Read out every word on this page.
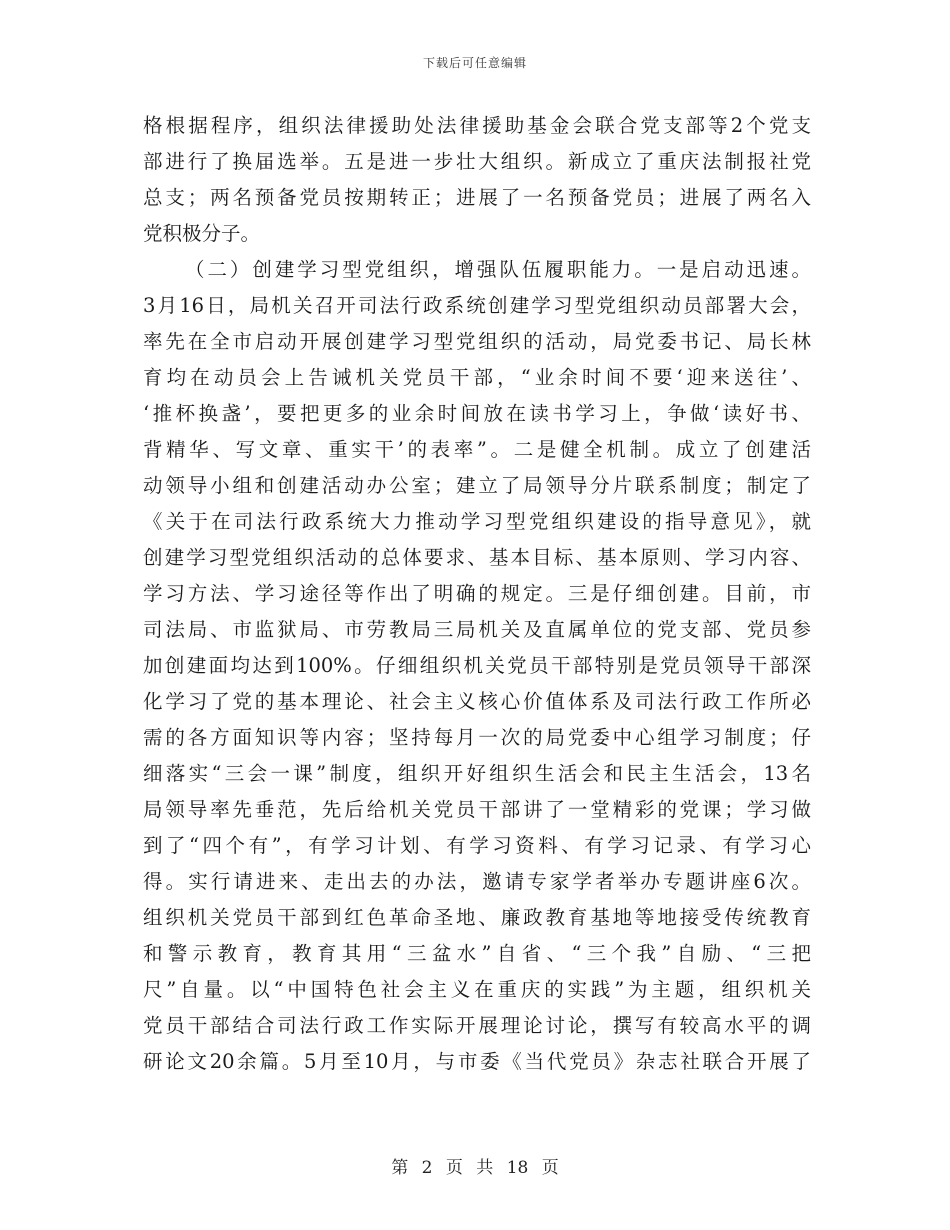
下载后可任意编辑
格根据程序，组织法律援助处法律援助基金会联合党支部等2个党支
部进行了换届选举。五是进一步壮大组织。新成立了重庆法制报社党
总支；两名预备党员按期转正；进展了一名预备党员；进展了两名入
党积极分子。
（二）创建学习型党组织，增强队伍履职能力。一是启动迅速。
3月16日，局机关召开司法行政系统创建学习型党组织动员部署大会，
率先在全市启动开展创建学习型党组织的活动，局党委书记、局长林
育均在动员会上告诫机关党员干部，“业余时间不要‘迎来送往’、
‘推杯换盏’，要把更多的业余时间放在读书学习上，争做‘读好书、
背精华、写文章、重实干’的表率”。二是健全机制。成立了创建活
动领导小组和创建活动办公室；建立了局领导分片联系制度；制定了
《关于在司法行政系统大力推动学习型党组织建设的指导意见》，就
创建学习型党组织活动的总体要求、基本目标、基本原则、学习内容、
学习方法、学习途径等作出了明确的规定。三是仔细创建。目前，市
司法局、市监狱局、市劳教局三局机关及直属单位的党支部、党员参
加创建面均达到100%。仔细组织机关党员干部特别是党员领导干部深
化学习了党的基本理论、社会主义核心价值体系及司法行政工作所必
需的各方面知识等内容；坚持每月一次的局党委中心组学习制度；仔
细落实“三会一课”制度，组织开好组织生活会和民主生活会，13名
局领导率先垂范，先后给机关党员干部讲了一堂精彩的党课；学习做
到了“四个有”，有学习计划、有学习资料、有学习记录、有学习心
得。实行请进来、走出去的办法，邀请专家学者举办专题讲座6次。
组织机关党员干部到红色革命圣地、廉政教育基地等地接受传统教育
和警示教育，教育其用“三盆水”自省、“三个我”自励、“三把
尺”自量。以“中国特色社会主义在重庆的实践”为主题，组织机关
党员干部结合司法行政工作实际开展理论讨论，撰写有较高水平的调
研论文20余篇。5月至10月，与市委《当代党员》杂志社联合开展了
第 2 页 共 18 页
